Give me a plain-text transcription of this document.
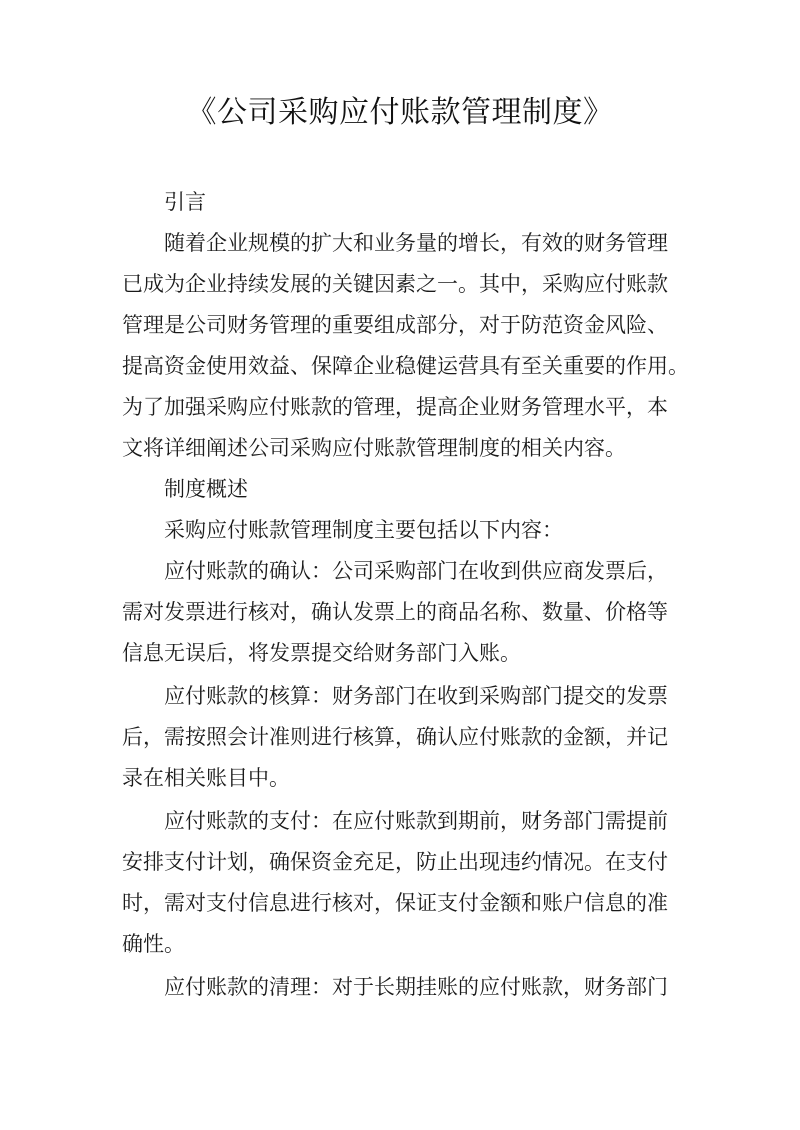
《公司采购应付账款管理制度》
引言
随着企业规模的扩大和业务量的增长，有效的财务管理
已成为企业持续发展的关键因素之一。其中，采购应付账款
管理是公司财务管理的重要组成部分，对于防范资金风险、
提高资金使用效益、保障企业稳健运营具有至关重要的作用。
为了加强采购应付账款的管理，提高企业财务管理水平，本
文将详细阐述公司采购应付账款管理制度的相关内容。
制度概述
采购应付账款管理制度主要包括以下内容：
应付账款的确认：公司采购部门在收到供应商发票后，
需对发票进行核对，确认发票上的商品名称、数量、价格等
信息无误后，将发票提交给财务部门入账。
应付账款的核算：财务部门在收到采购部门提交的发票
后，需按照会计准则进行核算，确认应付账款的金额，并记
录在相关账目中。
应付账款的支付：在应付账款到期前，财务部门需提前
安排支付计划，确保资金充足，防止出现违约情况。在支付
时，需对支付信息进行核对，保证支付金额和账户信息的准
确性。
应付账款的清理：对于长期挂账的应付账款，财务部门
